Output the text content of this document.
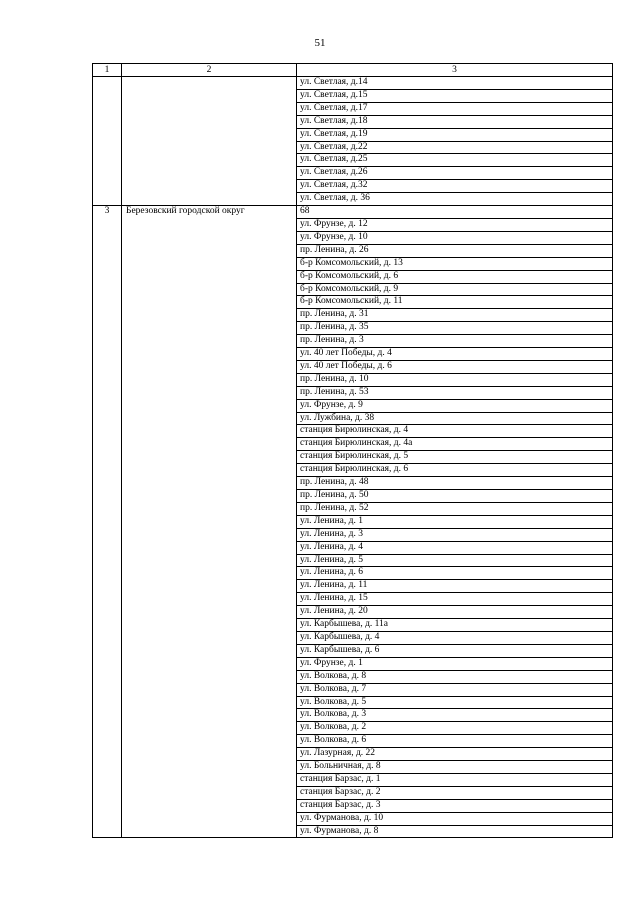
51
1	2	3
		ул. Светлая, д.14
		ул. Светлая, д.15
		ул. Светлая, д.17
		ул. Светлая, д.18
		ул. Светлая, д.19
		ул. Светлая, д.22
		ул. Светлая, д.25
		ул. Светлая, д.26
		ул. Светлая, д.32
		ул. Светлая, д. 36
3	Березовский городской округ	68
		ул. Фрунзе, д. 12
		ул. Фрунзе, д. 10
		пр. Ленина, д. 26
		б-р Комсомольский, д. 13
		б-р Комсомольский, д. 6
		б-р Комсомольский, д. 9
		б-р Комсомольский, д. 11
		пр. Ленина, д. 31
		пр. Ленина, д. 35
		пр. Ленина, д. 3
		ул. 40 лет Победы, д. 4
		ул. 40 лет Победы, д. 6
		пр. Ленина, д. 10
		пр. Ленина, д. 53
		ул. Фрунзе, д. 9
		ул. Лужбина, д. 38
		станция Бирюлинская, д. 4
		станция Бирюлинская, д. 4а
		станция Бирюлинская, д. 5
		станция Бирюлинская, д. 6
		пр. Ленина, д. 48
		пр. Ленина, д. 50
		пр. Ленина, д. 52
		ул. Ленина, д. 1
		ул. Ленина, д. 3
		ул. Ленина, д. 4
		ул. Ленина, д. 5
		ул. Ленина, д. 6
		ул. Ленина, д. 11
		ул. Ленина, д. 15
		ул. Ленина, д. 20
		ул. Карбышева, д. 11а
		ул. Карбышева, д. 4
		ул. Карбышева, д. 6
		ул. Фрунзе, д. 1
		ул. Волкова, д. 8
		ул. Волкова, д. 7
		ул. Волкова, д. 5
		ул. Волкова, д. 3
		ул. Волкова, д. 2
		ул. Волкова, д. 6
		ул. Лазурная, д. 22
		ул. Больничная, д. 8
		станция Барзас, д. 1
		станция Барзас, д. 2
		станция Барзас, д. 3
		ул. Фурманова, д. 10
		ул. Фурманова, д. 8
